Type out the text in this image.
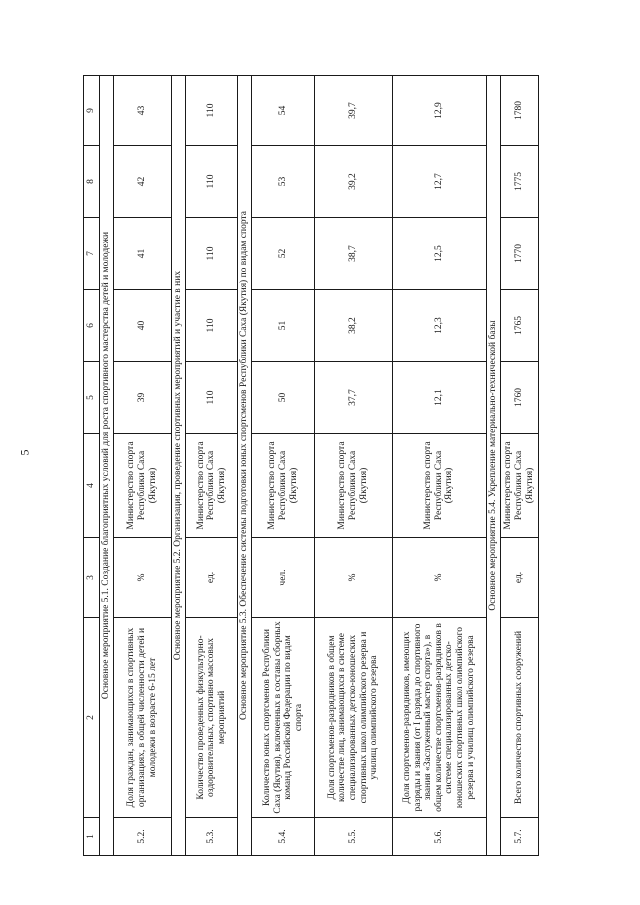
5
1	2	3	4	5	6	7	8	9
Основное мероприятие 5.1. Создание благоприятных условий для роста спортивного мастерства детей и молодежи								
5.2.	Доля граждан, занимающихся в спортивных организациях, в общей численности детей и молодежи в возрасте 6-15 лет	%	Министерство спорта Республики Саха (Якутия)	39	40	41	42	43
Основное мероприятие 5.2. Организация, проведение спортивных мероприятий и участие в них								
5.3.	Количество проведенных физкультурно-оздоровительных, спортивно массовых мероприятий	ед.	Министерство спорта Республики Саха (Якутия)	110	110	110	110	110
Основное мероприятие 5.3. Обеспечение системы подготовки юных спортсменов Республики Саха (Якутия) по видам спорта								
5.4.	Количество юных спортсменов Республики Саха (Якутия), включенных в составы сборных команд Российской Федерации по видам спорта	чел.	Министерство спорта Республики Саха (Якутия)	50	51	52	53	54
5.5.	Доля спортсменов-разрядников в общем количестве лиц, занимающихся в системе специализированных детско-юношеских спортивных школ олимпийского резерва и училищ олимпийского резерва	%	Министерство спорта Республики Саха (Якутия)	37,7	38,2	38,7	39,2	39,7
5.6.	Доля спортсменов-разрядников, имеющих разряды и звания (от I разряда до спортивного звания «Заслуженный мастер спорта»), в общем количестве спортсменов-разрядников в системе специализированных детско-юношеских спортивных школ олимпийского резерва и училищ олимпийского резерва	%	Министерство спорта Республики Саха (Якутия)	12,1	12,3	12,5	12,7	12,9
Основное мероприятие 5.4. Укрепление материально-технической базы								
5.7.	Всего количество спортивных сооружений	ед.	Министерство спорта Республики Саха (Якутия)	1760	1765	1770	1775	1780
